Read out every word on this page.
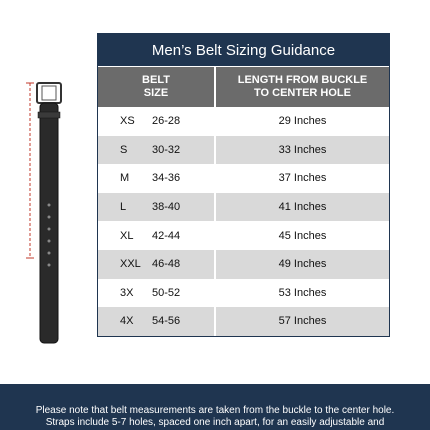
Men’s Belt Sizing Guidance
BELT
SIZE
LENGTH FROM BUCKLE
TO CENTER HOLE
XS	26-28	29 Inches
S	30-32	33 Inches
M	34-36	37 Inches
L	38-40	41 Inches
XL	42-44	45 Inches
XXL	46-48	49 Inches
3X	50-52	53 Inches
4X	54-56	57 Inches
Please note that belt measurements are taken from the buckle to the center hole.
Straps include 5-7 holes, spaced one inch apart, for an easily adjustable and
